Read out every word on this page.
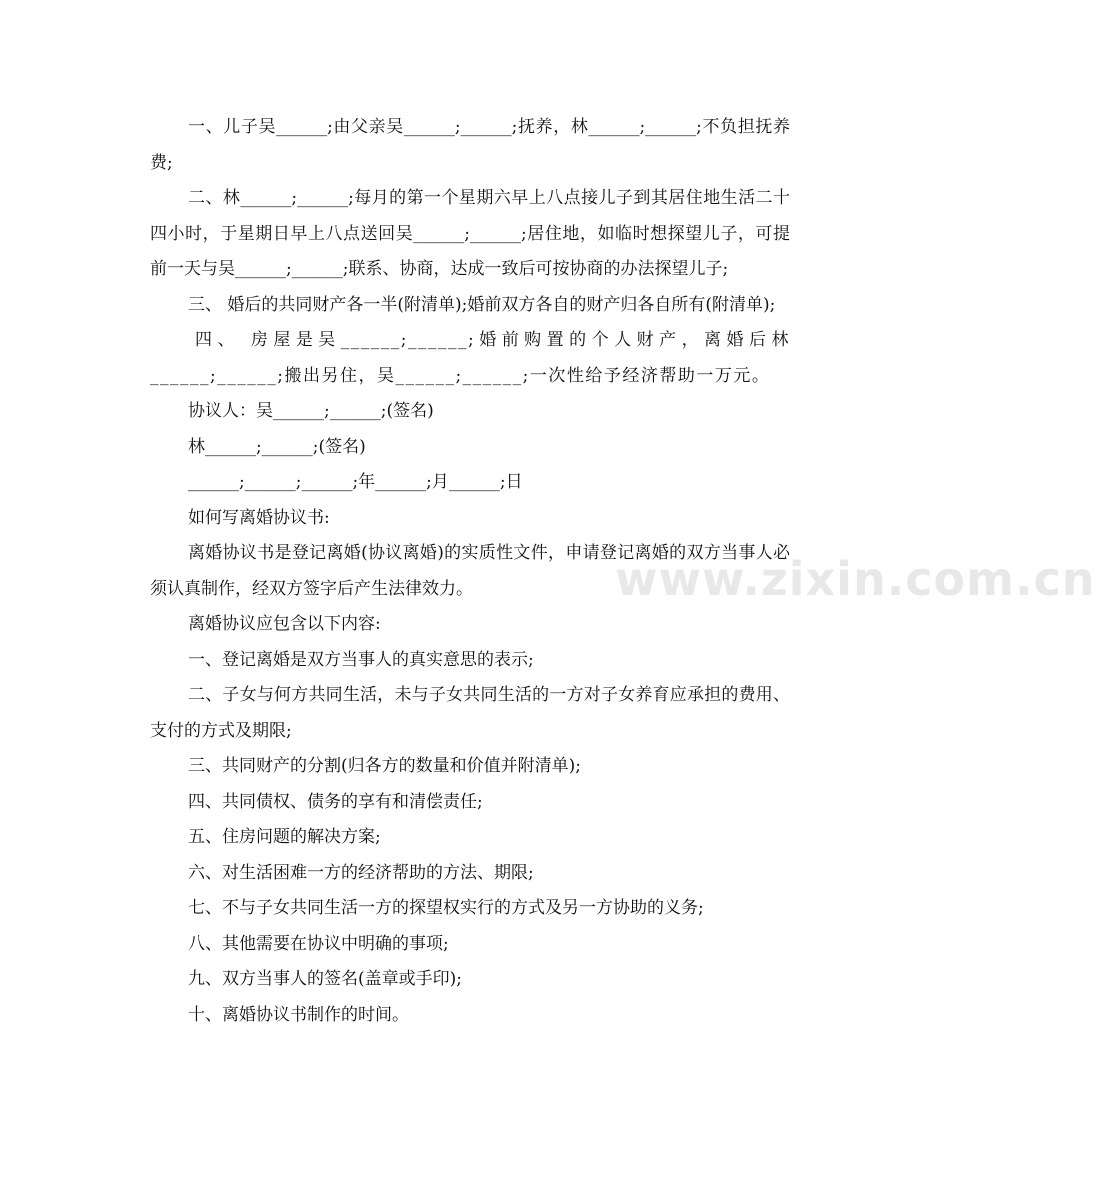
www.zixin.com.cn

一、儿子吴______;由父亲吴______;______;抚养，林______;______;不负担抚养费;

二、林______;______;每月的第一个星期六早上八点接儿子到其居住地生活二十四小时，于星期日早上八点送回吴______;______;居住地，如临时想探望儿子，可提前一天与吴______;______;联系、协商，达成一致后可按协商的办法探望儿子;

三、 婚后的共同财产各一半(附清单);婚前双方各自的财产归各自所有(附清单);

四、 房屋是吴______;______;婚前购置的个人财产，离婚后林______;______;搬出另住，吴______;______;一次性给予经济帮助一万元。

协议人：吴______;______;(签名)

林______;______;(签名)

______;______;______;年______;月______;日

如何写离婚协议书:

离婚协议书是登记离婚(协议离婚)的实质性文件，申请登记离婚的双方当事人必须认真制作，经双方签字后产生法律效力。

离婚协议应包含以下内容:

一、登记离婚是双方当事人的真实意思的表示;

二、子女与何方共同生活，未与子女共同生活的一方对子女养育应承担的费用、支付的方式及期限;

三、共同财产的分割(归各方的数量和价值并附清单);

四、共同债权、债务的享有和清偿责任;

五、住房问题的解决方案;

六、对生活困难一方的经济帮助的方法、期限;

七、不与子女共同生活一方的探望权实行的方式及另一方协助的义务;

八、其他需要在协议中明确的事项;

九、双方当事人的签名(盖章或手印);

十、离婚协议书制作的时间。
